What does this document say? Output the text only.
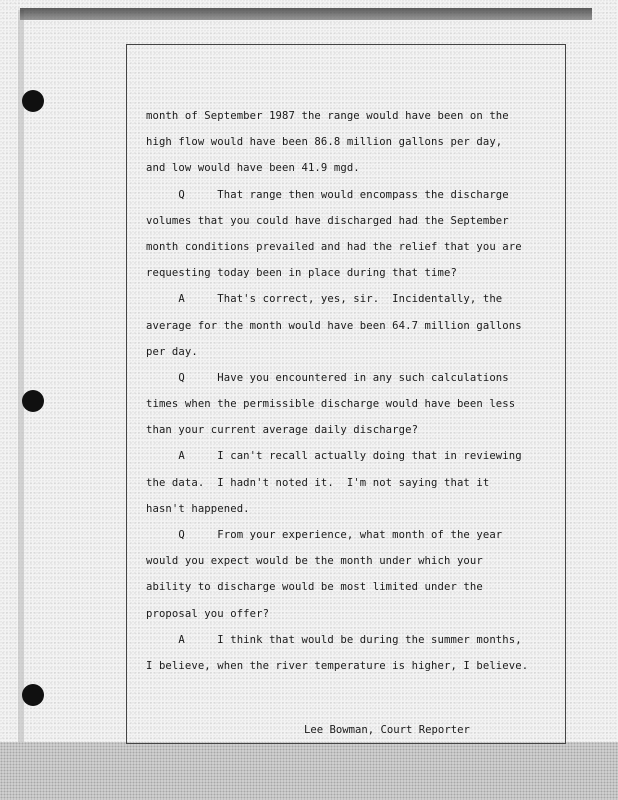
month of September 1987 the range would have been on the
high flow would have been 86.8 million gallons per day,
and low would have been 41.9 mgd.
Q     That range then would encompass the discharge
volumes that you could have discharged had the September
month conditions prevailed and had the relief that you are
requesting today been in place during that time?
A     That's correct, yes, sir.  Incidentally, the
average for the month would have been 64.7 million gallons
per day.
Q     Have you encountered in any such calculations
times when the permissible discharge would have been less
than your current average daily discharge?
A     I can't recall actually doing that in reviewing
the data.  I hadn't noted it.  I'm not saying that it
hasn't happened.
Q     From your experience, what month of the year
would you expect would be the month under which your
ability to discharge would be most limited under the
proposal you offer?
A     I think that would be during the summer months,
I believe, when the river temperature is higher, I believe.
Lee Bowman, Court Reporter
